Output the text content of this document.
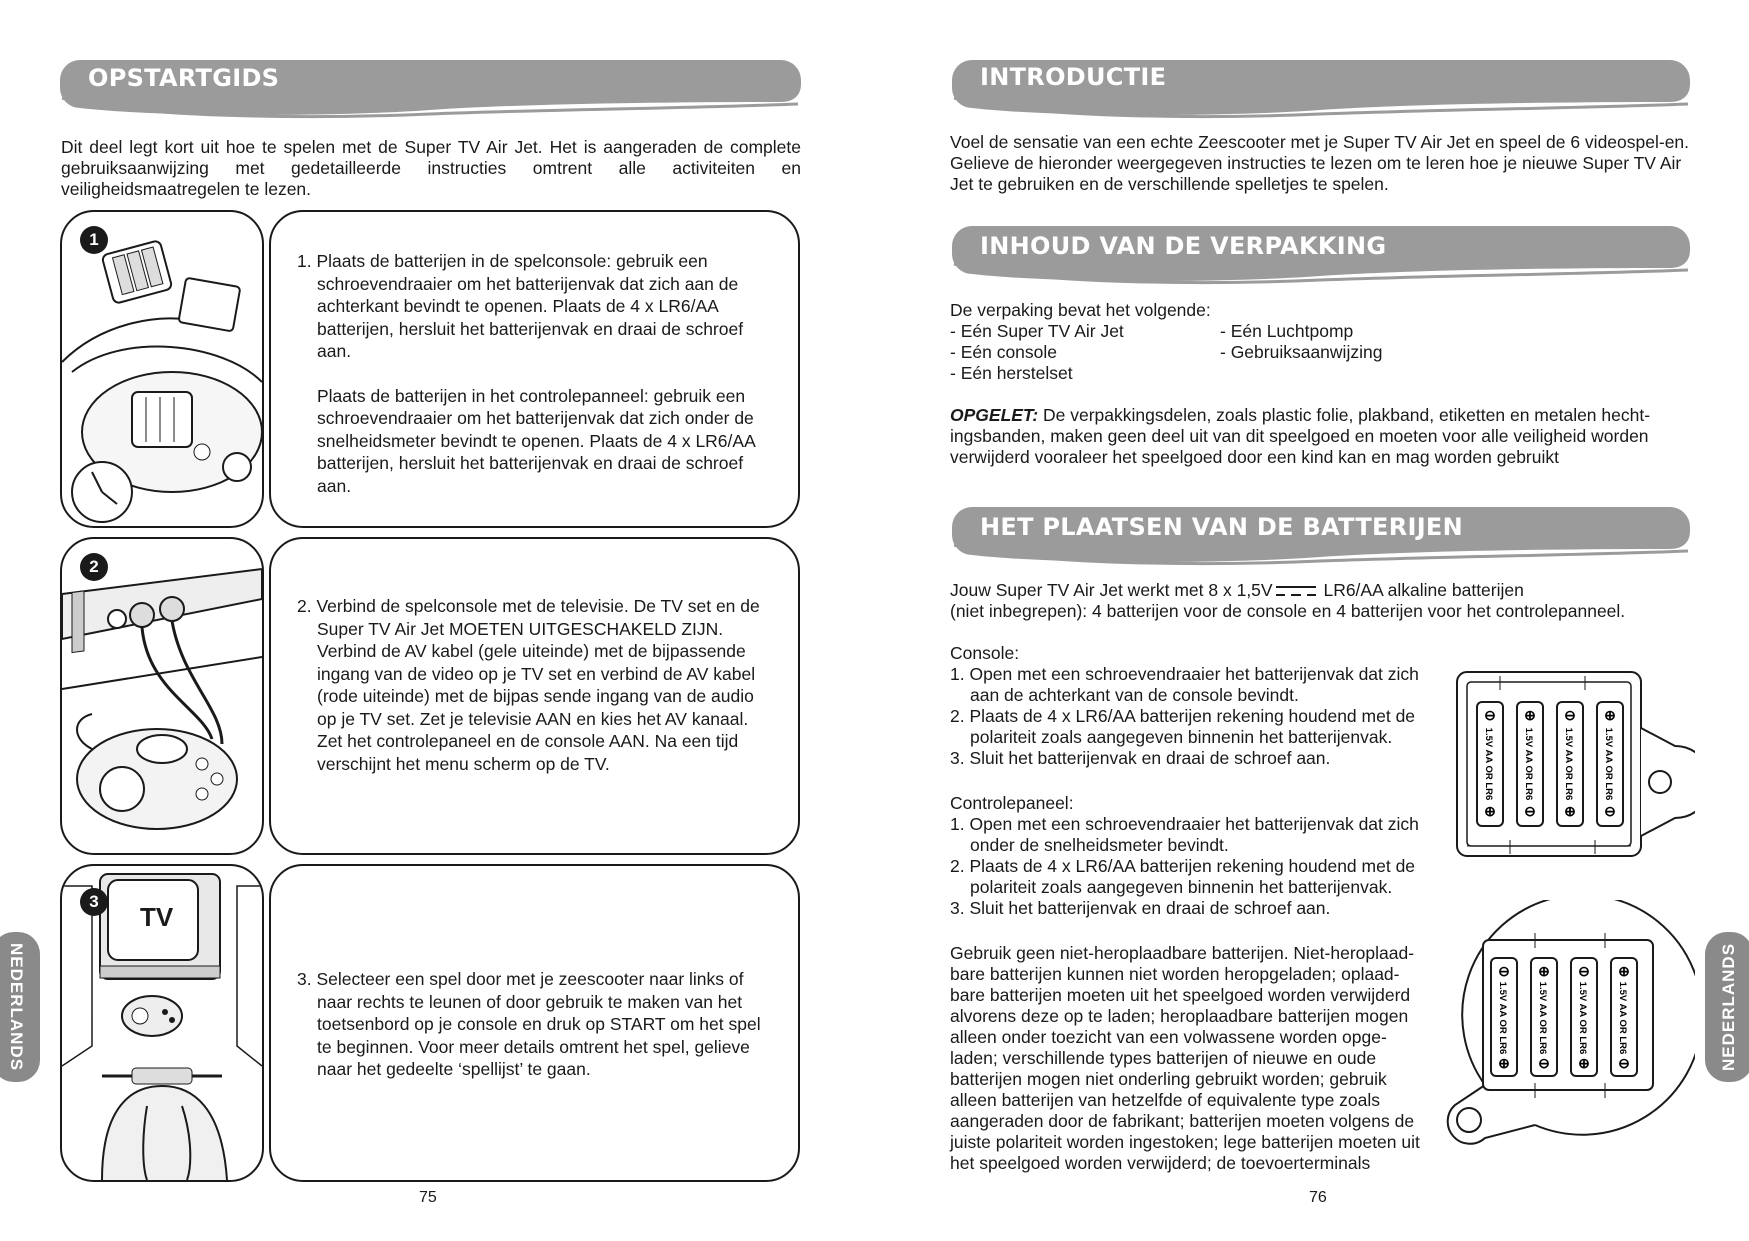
OPSTARTGIDS
Dit deel legt kort uit hoe te spelen met de Super TV Air Jet. Het is aangeraden de complete gebruiksaanwijzing met gedetailleerde instructies omtrent alle activiteiten en veiligheidsmaatregelen te lezen.
1

1. Plaats de batterijen in de spelconsole: gebruik een schroevendraaier om het batterijenvak dat zich aan de achterkant bevindt te openen. Plaats de 4 x LR6/AA batterijen, hersluit het batterijenvak en draai de schroef aan.

Plaats de batterijen in het controlepanneel: gebruik een schroevendraaier om het batterijenvak dat zich onder de snelheidsmeter bevindt te openen. Plaats de 4 x LR6/AA batterijen, hersluit het batterijenvak en draai de schroef aan.

2

2. Verbind de spelconsole met de televisie. De TV set en de Super TV Air Jet MOETEN UITGESCHAKELD ZIJN. Verbind de AV kabel (gele uiteinde) met de bijpassende ingang van de video op je TV set en verbind de AV kabel (rode uiteinde) met de bijpas sende ingang van de audio op je TV set. Zet je televisie AAN en kies het AV kanaal. Zet het controlepaneel en de console AAN. Na een tijd verschijnt het menu scherm op de TV.

3
TV

3. Selecteer een spel door met je zeescooter naar links of naar rechts te leunen of door gebruik te maken van het toetsenbord op je console en druk op START om het spel te beginnen. Voor meer details omtrent het spel, gelieve naar het gedeelte ‘spellijst’ te gaan.

75
NEDERLANDS
INTRODUCTIE
Voel de sensatie van een echte Zeescooter met je Super TV Air Jet en speel de 6 videospel-en. Gelieve de hieronder weergegeven instructies te lezen om te leren hoe je nieuwe Super TV Air Jet te gebruiken en de verschillende spelletjes te spelen.
INHOUD VAN DE VERPAKKING
De verpaking bevat het volgende:
- Eén Super TV Air Jet
- Eén console
- Eén herstelset
- Eén Luchtpomp
- Gebruiksaanwijzing
OPGELET: De verpakkingsdelen, zoals plastic folie, plakband, etiketten en metalen hecht-ingsbanden, maken geen deel uit van dit speelgoed en moeten voor alle veiligheid worden verwijderd vooraleer het speelgoed door een kind kan en mag worden gebruikt
HET PLAATSEN VAN DE BATTERIJEN
Jouw Super TV Air Jet werkt met 8 x 1,5V	LR6/AA alkaline batterijen
(niet inbegrepen): 4 batterijen voor de console en 4 batterijen voor het controlepanneel.
Console:
1. Open met een schroevendraaier het batterijenvak dat zich aan de achterkant van de console bevindt.
2. Plaats de 4 x LR6/AA batterijen rekening houdend met de polariteit zoals aangegeven binnenin het batterijenvak.
3. Sluit het batterijenvak en draai de schroef aan.
Controlepaneel:
1. Open met een schroevendraaier het batterijenvak dat zich onder de snelheidsmeter bevindt.
2. Plaats de 4 x LR6/AA batterijen rekening houdend met de polariteit zoals aangegeven binnenin het batterijenvak.
3. Sluit het batterijenvak en draai de schroef aan.
Gebruik geen niet-heroplaadbare batterijen. Niet-heroplaad-bare batterijen kunnen niet worden heropgeladen; oplaad-bare batterijen moeten uit het speelgoed worden verwijderd alvorens deze op te laden; heroplaadbare batterijen mogen alleen onder toezicht van een volwassene worden opge-laden; verschillende types batterijen of nieuwe en oude batterijen mogen niet onderling gebruikt worden; gebruik alleen batterijen van hetzelfde of equivalente type zoals aangeraden door de fabrikant; batterijen moeten volgens de juiste polariteit worden ingestoken; lege batterijen moeten uit het speelgoed worden verwijderd; de toevoerterminals
⊖
⊕
1.5V AA OR LR6
⊕
⊖
1.5V AA OR LR6
⊖
⊕
1.5V AA OR LR6
⊕
⊖
1.5V AA OR LR6
⊖
⊕
1.5V AA OR LR6
⊕
⊖
1.5V AA OR LR6
⊖
⊕
1.5V AA OR LR6
⊕
⊖
1.5V AA OR LR6
76
NEDERLANDS
